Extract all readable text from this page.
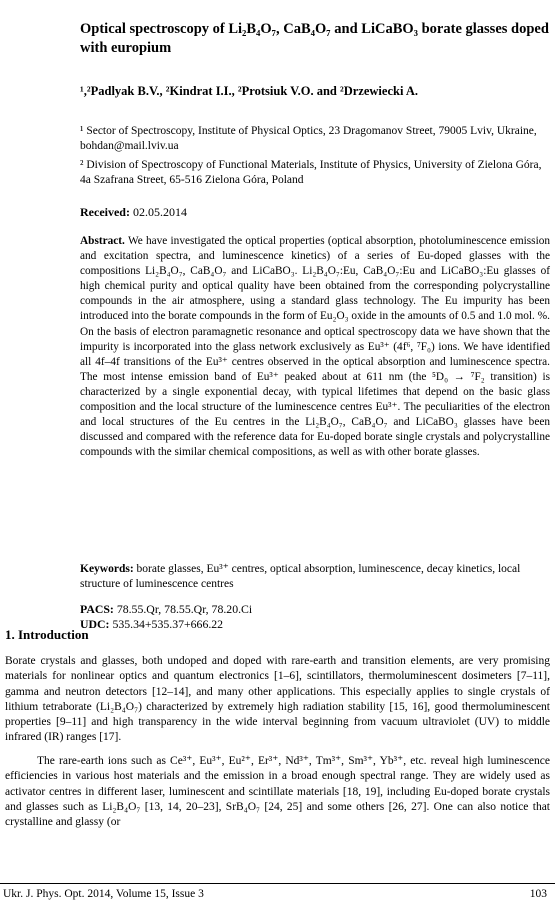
Optical spectroscopy of Li₂B₄O₇, CaB₄O₇ and LiCaBO₃ borate glasses doped with europium
¹,²Padlyak B.V., ²Kindrat I.I., ²Protsiuk V.O. and ²Drzewiecki A.

¹ Sector of Spectroscopy, Institute of Physical Optics, 23 Dragomanov Street, 79005 Lviv, Ukraine, bohdan@mail.lviv.ua

² Division of Spectroscopy of Functional Materials, Institute of Physics, University of Zielona Góra, 4a Szafrana Street, 65-516 Zielona Góra, Poland

Received: 02.05.2014
Abstract. We have investigated the optical properties (optical absorption, photoluminescence emission and excitation spectra, and luminescence kinetics) of a series of Eu-doped glasses with the compositions Li₂B₄O₇, CaB₄O₇ and LiCaBO₃. Li₂B₄O₇:Eu, CaB₄O₇:Eu and LiCaBO₃:Eu glasses of high chemical purity and optical quality have been obtained from the corresponding polycrystalline compounds in the air atmosphere, using a standard glass technology. The Eu impurity has been introduced into the borate compounds in the form of Eu₂O₃ oxide in the amounts of 0.5 and 1.0 mol. %. On the basis of electron paramagnetic resonance and optical spectroscopy data we have shown that the impurity is incorporated into the glass network exclusively as Eu³⁺ (4f⁶, ⁷F₀) ions. We have identified all 4f–4f transitions of the Eu³⁺ centres observed in the optical absorption and luminescence spectra. The most intense emission band of Eu³⁺ peaked about at 611 nm (the ⁵D₀ → ⁷F₂ transition) is characterized by a single exponential decay, with typical lifetimes that depend on the basic glass composition and the local structure of the luminescence centres Eu³⁺. The peculiarities of the electron and local structures of the Eu centres in the Li₂B₄O₇, CaB₄O₇ and LiCaBO₃ glasses have been discussed and compared with the reference data for Eu-doped borate single crystals and polycrystalline compounds with the similar chemical compositions, as well as with other borate glasses.
Keywords: borate glasses, Eu³⁺ centres, optical absorption, luminescence, decay kinetics, local structure of luminescence centres
PACS: 78.55.Qr, 78.55.Qr, 78.20.Ci
UDC: 535.34+535.37+666.22
1. Introduction
Borate crystals and glasses, both undoped and doped with rare-earth and transition elements, are very promising materials for nonlinear optics and quantum electronics [1–6], scintillators, thermoluminescent dosimeters [7–11], gamma and neutron detectors [12–14], and many other applications. This especially applies to single crystals of lithium tetraborate (Li₂B₄O₇) characterized by extremely high radiation stability [15, 16], good thermoluminescent properties [9–11] and high transparency in the wide interval beginning from vacuum ultraviolet (UV) to middle infrared (IR) ranges [17].
The rare-earth ions such as Ce³⁺, Eu³⁺, Eu²⁺, Er³⁺, Nd³⁺, Tm³⁺, Sm³⁺, Yb³⁺, etc. reveal high luminescence efficiencies in various host materials and the emission in a broad enough spectral range. They are widely used as activator centres in different laser, luminescent and scintillate materials [18, 19], including Eu-doped borate crystals and glasses such as Li₂B₄O₇ [13, 14, 20–23], SrB₄O₇ [24, 25] and some others [26, 27]. One can also notice that crystalline and glassy (or
Ukr. J. Phys. Opt. 2014, Volume 15, Issue 3	103
